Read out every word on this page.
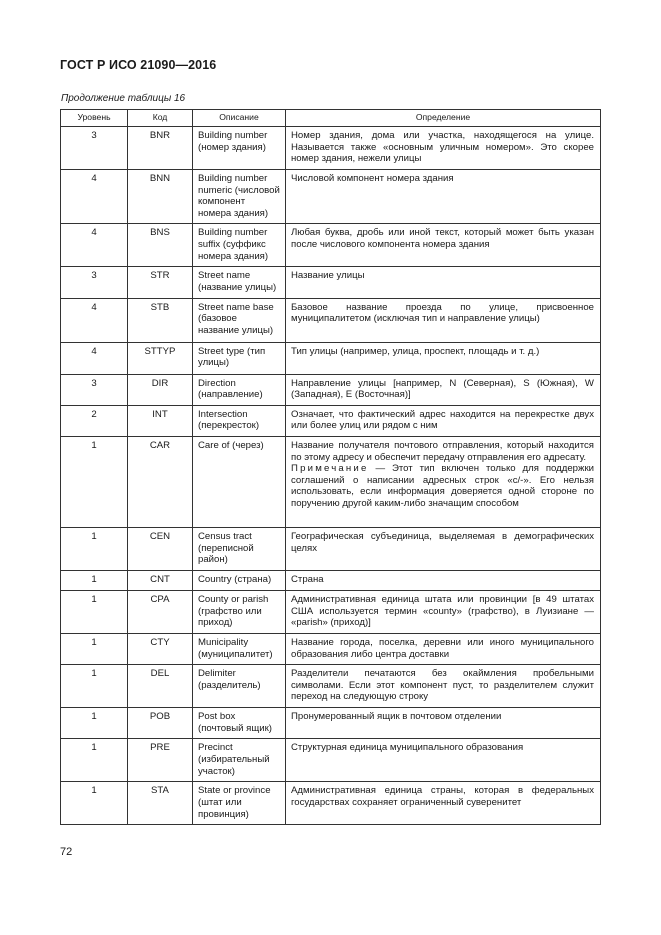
ГОСТ Р ИСО 21090—2016
Продолжение таблицы 16
Уровень	Код	Описание	Определение
3	BNR	Building number (номер здания)	Номер здания, дома или участка, находящегося на улице. Называется также «основным уличным номером». Это скорее номер здания, нежели улицы
4	BNN	Building number numeric (числовой компонент номера здания)	Числовой компонент номера здания
4	BNS	Building number suffix (суффикс номера здания)	Любая буква, дробь или иной текст, который может быть указан после числового компонента номера здания
3	STR	Street name (название улицы)	Название улицы
4	STB	Street name base (базовое название улицы)	Базовое название проезда по улице, присвоенное муниципалитетом (исключая тип и направление улицы)
4	STTYP	Street type (тип улицы)	Тип улицы (например, улица, проспект, площадь и т. д.)
3	DIR	Direction (направление)	Направление улицы [например, N (Северная), S (Южная), W (Западная), E (Восточная)]
2	INT	Intersection (перекресток)	Означает, что фактический адрес находится на перекрестке двух или более улиц или рядом с ним
1	CAR	Care of (через)	Название получателя почтового отправления, который находится по этому адресу и обеспечит передачу отправления его адресату.
Примечание — Этот тип включен только для поддержки соглашений о написании адресных строк «c/-». Его нельзя использовать, если информация доверяется одной стороне по поручению другой каким-либо значащим способом

1	CEN	Census tract (переписной район)	Географическая субъединица, выделяемая в демографических целях
1	CNT	Country (страна)	Страна
1	CPA	County or parish (графство или приход)	Административная единица штата или провинции [в 49 штатах США используется термин «county» (графство), в Луизиане — «parish» (приход)]
1	CTY	Municipality (муниципалитет)	Название города, поселка, деревни или иного муниципального образования либо центра доставки
1	DEL	Delimiter (разделитель)	Разделители печатаются без окаймления пробельными символами. Если этот компонент пуст, то разделителем служит переход на следующую строку
1	POB	Post box (почтовый ящик)	Пронумерованный ящик в почтовом отделении
1	PRE	Precinct (избирательный участок)	Структурная единица муниципального образования
1	STA	State or province (штат или провинция)	Административная единица страны, которая в федеральных государствах сохраняет ограниченный суверенитет
72
